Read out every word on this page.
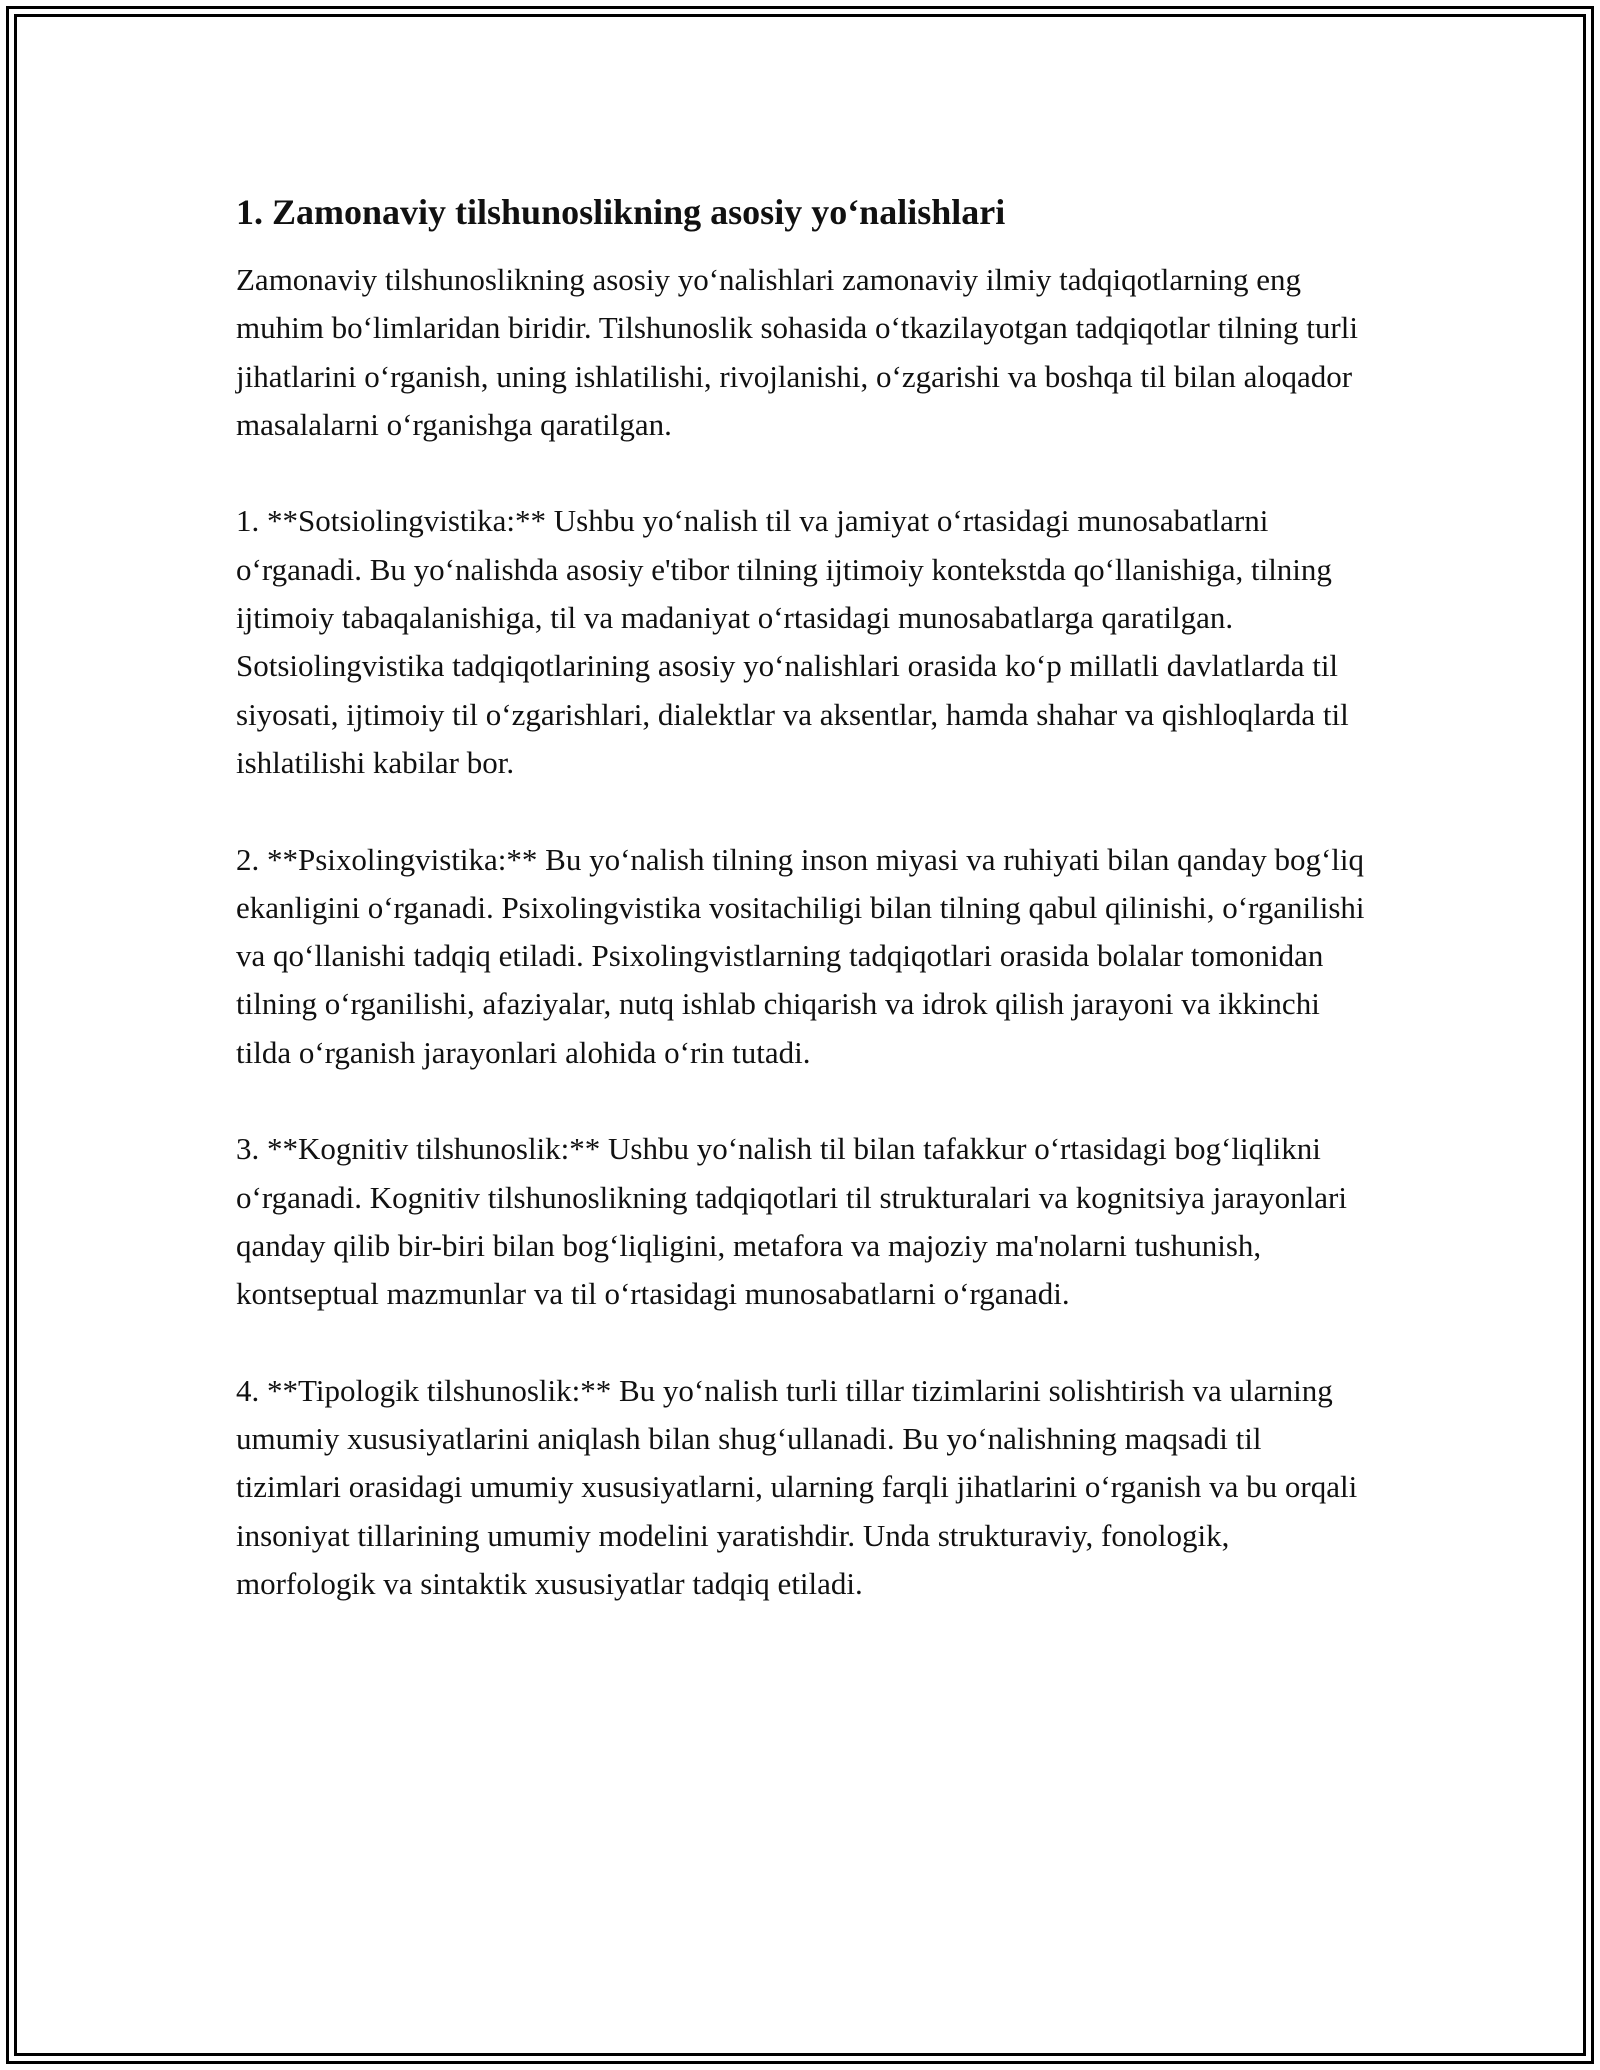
1. Zamonaviy tilshunoslikning asosiy yo‘nalishlari

Zamonaviy tilshunoslikning asosiy yo‘nalishlari zamonaviy ilmiy tadqiqotlarning eng muhim bo‘limlaridan biridir. Tilshunoslik sohasida o‘tkazilayotgan tadqiqotlar tilning turli jihatlarini o‘rganish, uning ishlatilishi, rivojlanishi, o‘zgarishi va boshqa til bilan aloqador masalalarni o‘rganishga qaratilgan.

1. **Sotsiolingvistika:** Ushbu yo‘nalish til va jamiyat o‘rtasidagi munosabatlarni o‘rganadi. Bu yo‘nalishda asosiy e'tibor tilning ijtimoiy kontekstda qo‘llanishiga, tilning ijtimoiy tabaqalanishiga, til va madaniyat o‘rtasidagi munosabatlarga qaratilgan. Sotsiolingvistika tadqiqotlarining asosiy yo‘nalishlari orasida ko‘p millatli davlatlarda til siyosati, ijtimoiy til o‘zgarishlari, dialektlar va aksentlar, hamda shahar va qishloqlarda til ishlatilishi kabilar bor.

2. **Psixolingvistika:** Bu yo‘nalish tilning inson miyasi va ruhiyati bilan qanday bog‘liq ekanligini o‘rganadi. Psixolingvistika vositachiligi bilan tilning qabul qilinishi, o‘rganilishi va qo‘llanishi tadqiq etiladi. Psixolingvistlarning tadqiqotlari orasida bolalar tomonidan tilning o‘rganilishi, afaziyalar, nutq ishlab chiqarish va idrok qilish jarayoni va ikkinchi tilda o‘rganish jarayonlari alohida o‘rin tutadi.

3. **Kognitiv tilshunoslik:** Ushbu yo‘nalish til bilan tafakkur o‘rtasidagi bog‘liqlikni o‘rganadi. Kognitiv tilshunoslikning tadqiqotlari til strukturalari va kognitsiya jarayonlari qanday qilib bir-biri bilan bog‘liqligini, metafora va majoziy ma'nolarni tushunish, kontseptual mazmunlar va til o‘rtasidagi munosabatlarni o‘rganadi.

4. **Tipologik tilshunoslik:** Bu yo‘nalish turli tillar tizimlarini solishtirish va ularning umumiy xususiyatlarini aniqlash bilan shug‘ullanadi. Bu yo‘nalishning maqsadi til tizimlari orasidagi umumiy xususiyatlarni, ularning farqli jihatlarini o‘rganish va bu orqali insoniyat tillarining umumiy modelini yaratishdir. Unda strukturaviy, fonologik, morfologik va sintaktik xususiyatlar tadqiq etiladi.
